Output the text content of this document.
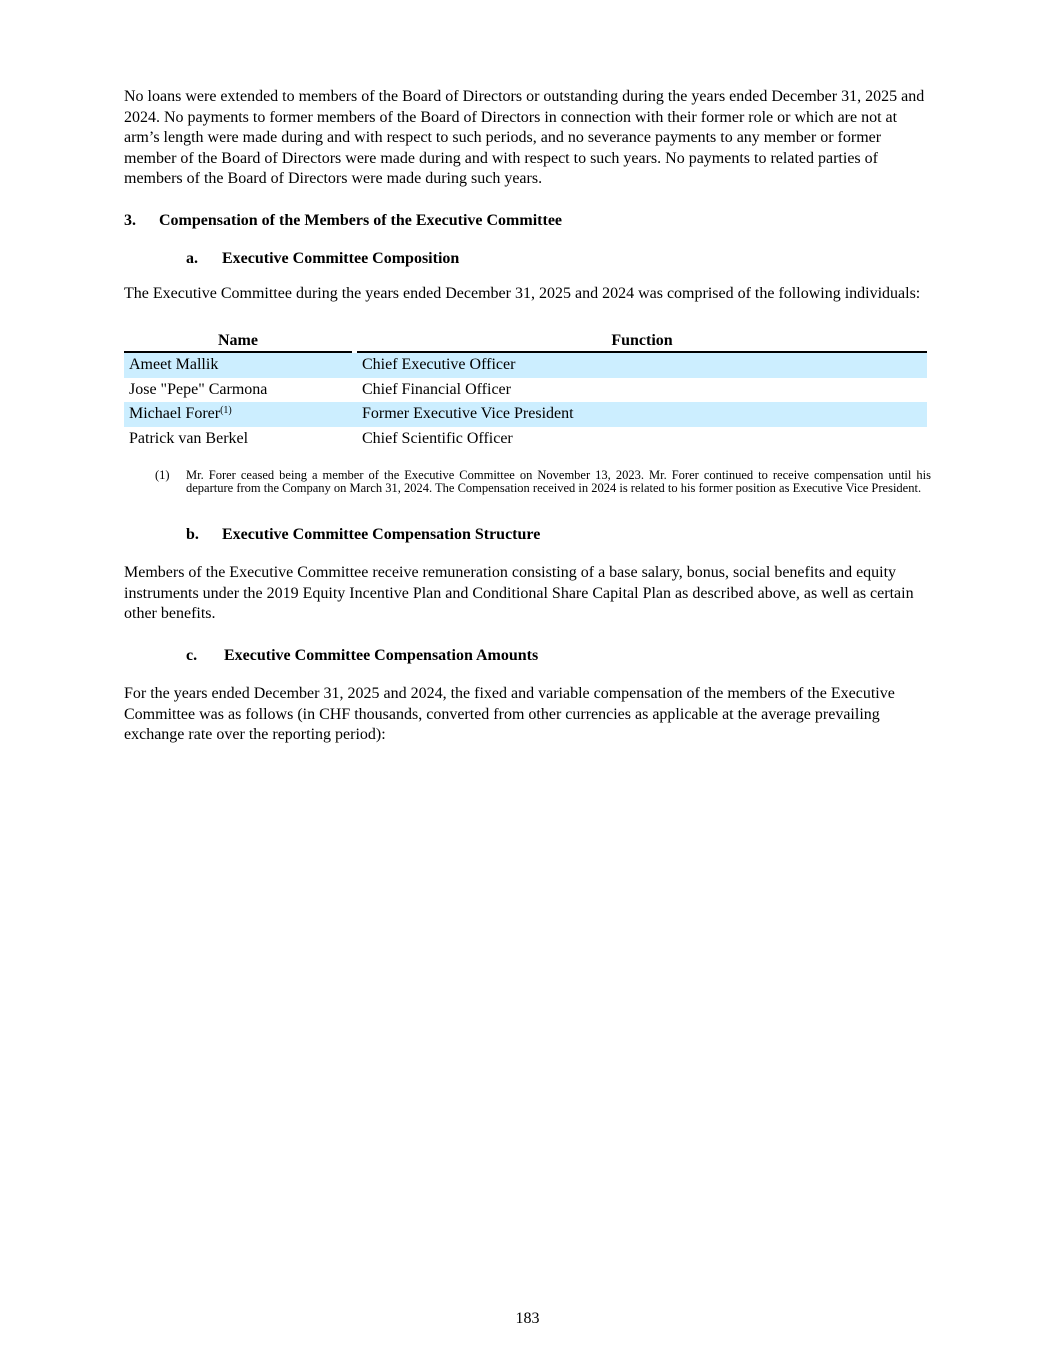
No loans were extended to members of the Board of Directors or outstanding during the years ended December 31, 2025 and 2024. No payments to former members of the Board of Directors in connection with their former role or which are not at arm’s length were made during and with respect to such periods, and no severance payments to any member or former member of the Board of Directors were made during and with respect to such years. No payments to related parties of members of the Board of Directors were made during such years.

3. Compensation of the Members of the Executive Committee
a. Executive Committee Composition

The Executive Committee during the years ended December 31, 2025 and 2024 was comprised of the following individuals:

Name	Function
Ameet Mallik	Chief Executive Officer
Jose "Pepe" Carmona	Chief Financial Officer
Michael Forer$^{(1)}$	Former Executive Vice President
Patrick van Berkel	Chief Scientific Officer
(1) Mr. Forer ceased being a member of the Executive Committee on November 13, 2023. Mr. Forer continued to receive compensation until his departure from the Company on March 31, 2024. The Compensation received in 2024 is related to his former position as Executive Vice President.
b. Executive Committee Compensation Structure

Members of the Executive Committee receive remuneration consisting of a base salary, bonus, social benefits and equity instruments under the 2019 Equity Incentive Plan and Conditional Share Capital Plan as described above, as well as certain other benefits.

c. Executive Committee Compensation Amounts

For the years ended December 31, 2025 and 2024, the fixed and variable compensation of the members of the Executive Committee was as follows (in CHF thousands, converted from other currencies as applicable at the average prevailing exchange rate over the reporting period):

183
